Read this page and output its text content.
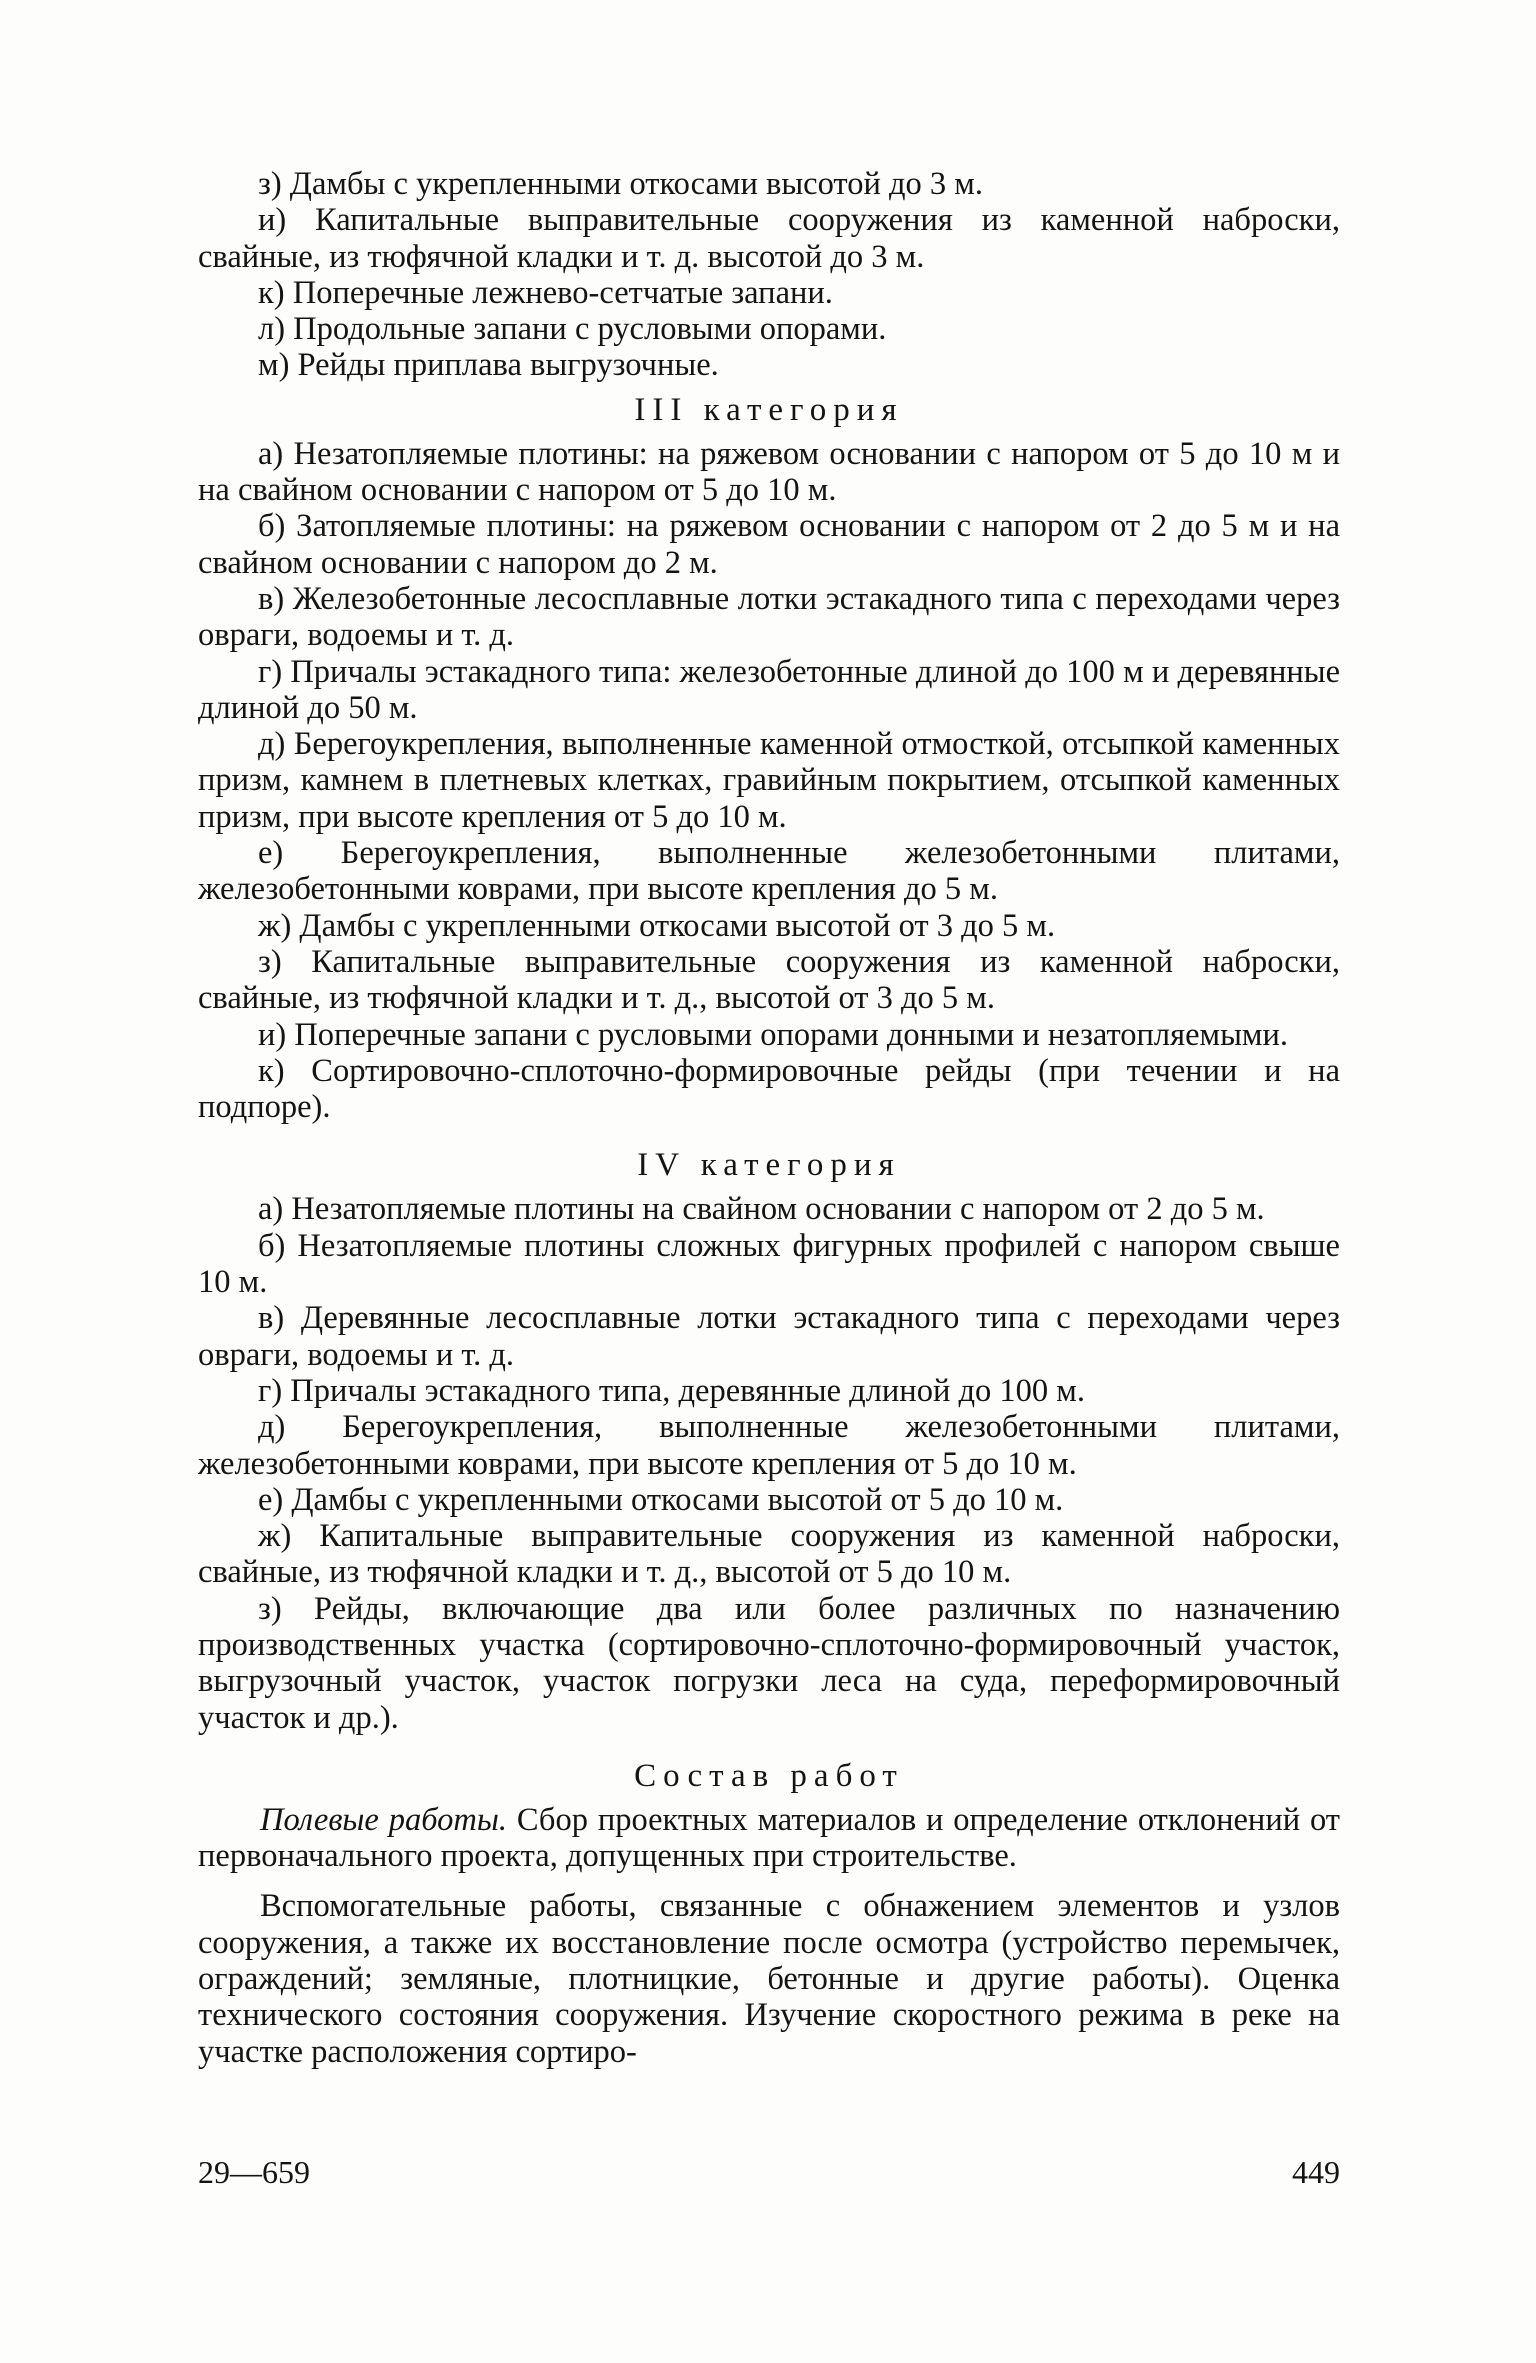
з) Дамбы с укрепленными откосами высотой до 3 м.

и) Капитальные выправительные сооружения из каменной наброски, свайные, из тюфячной кладки и т. д. высотой до 3 м.

к) Поперечные лежнево-сетчатые запани.

л) Продольные запани с русловыми опорами.

м) Рейды приплава выгрузочные.

III категория

а) Незатопляемые плотины: на ряжевом основании с напором от 5 до 10 м и на свайном основании с напором от 5 до 10 м.

б) Затопляемые плотины: на ряжевом основании с напором от 2 до 5 м и на свайном основании с напором до 2 м.

в) Железобетонные лесосплавные лотки эстакадного типа с переходами через овраги, водоемы и т. д.

г) Причалы эстакадного типа: железобетонные длиной до 100 м и деревянные длиной до 50 м.

д) Берегоукрепления, выполненные каменной отмосткой, отсыпкой каменных призм, камнем в плетневых клетках, гравийным покрытием, отсыпкой каменных призм, при высоте крепления от 5 до 10 м.

е) Берегоукрепления, выполненные железобетонными плитами, железобетонными коврами, при высоте крепления до 5 м.

ж) Дамбы с укрепленными откосами высотой от 3 до 5 м.

з) Капитальные выправительные сооружения из каменной наброски, свайные, из тюфячной кладки и т. д., высотой от 3 до 5 м.

и) Поперечные запани с русловыми опорами донными и незатопляемыми.

к) Сортировочно-сплоточно-формировочные рейды (при течении и на подпоре).

IV категория

а) Незатопляемые плотины на свайном основании с напором от 2 до 5 м.

б) Незатопляемые плотины сложных фигурных профилей с напором свыше 10 м.

в) Деревянные лесосплавные лотки эстакадного типа с переходами через овраги, водоемы и т. д.

г) Причалы эстакадного типа, деревянные длиной до 100 м.

д) Берегоукрепления, выполненные железобетонными плитами, железобетонными коврами, при высоте крепления от 5 до 10 м.

е) Дамбы с укрепленными откосами высотой от 5 до 10 м.

ж) Капитальные выправительные сооружения из каменной наброски, свайные, из тюфячной кладки и т. д., высотой от 5 до 10 м.

з) Рейды, включающие два или более различных по назначению производственных участка (сортировочно-сплоточно-формировочный участок, выгрузочный участок, участок погрузки леса на суда, переформировочный участок и др.).

Состав работ

Полевые работы. Сбор проектных материалов и определение отклонений от первоначального проекта, допущенных при строительстве.

Вспомогательные работы, связанные с обнажением элементов и узлов сооружения, а также их восстановление после осмотра (устройство перемычек, ограждений; земляные, плотницкие, бетонные и другие работы). Оценка технического состояния сооружения. Изучение скоростного режима в реке на участке расположения сортиро-

29—659	449
